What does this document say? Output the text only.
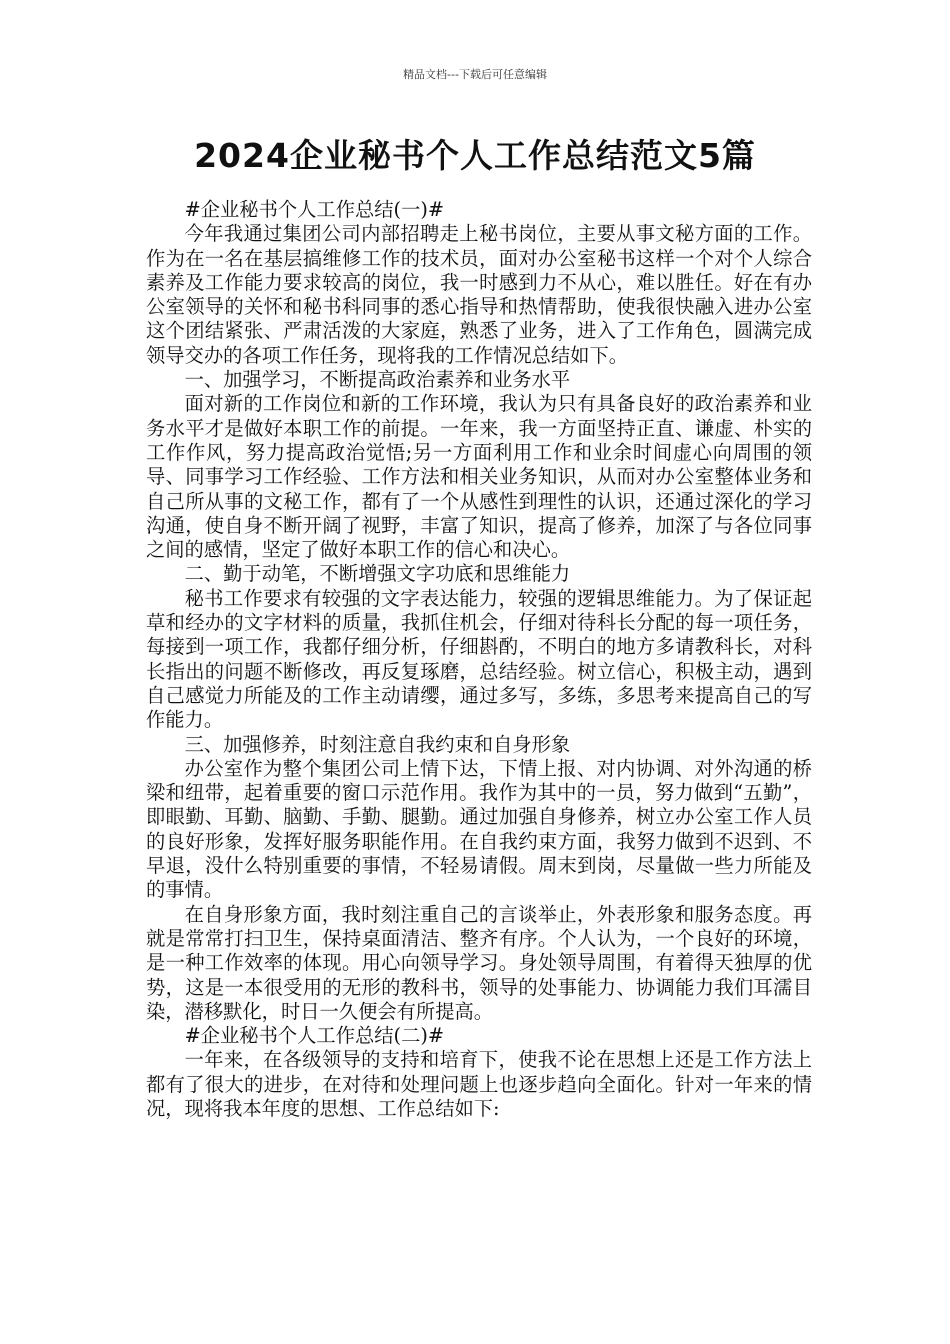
精品文档---下载后可任意编辑
2024企业秘书个人工作总结范文5篇

#企业秘书个人工作总结(一)#

今年我通过集团公司内部招聘走上秘书岗位，主要从事文秘方面的工作。作为在一名在基层搞维修工作的技术员，面对办公室秘书这样一个对个人综合素养及工作能力要求较高的岗位，我一时感到力不从心，难以胜任。好在有办公室领导的关怀和秘书科同事的悉心指导和热情帮助，使我很快融入进办公室这个团结紧张、严肃活泼的大家庭，熟悉了业务，进入了工作角色，圆满完成领导交办的各项工作任务，现将我的工作情况总结如下。

一、加强学习，不断提高政治素养和业务水平

面对新的工作岗位和新的工作环境，我认为只有具备良好的政治素养和业务水平才是做好本职工作的前提。一年来，我一方面坚持正直、谦虚、朴实的工作作风，努力提高政治觉悟;另一方面利用工作和业余时间虚心向周围的领导、同事学习工作经验、工作方法和相关业务知识，从而对办公室整体业务和自己所从事的文秘工作，都有了一个从感性到理性的认识，还通过深化的学习沟通，使自身不断开阔了视野，丰富了知识，提高了修养，加深了与各位同事之间的感情，坚定了做好本职工作的信心和决心。

二、勤于动笔，不断增强文字功底和思维能力

秘书工作要求有较强的文字表达能力，较强的逻辑思维能力。为了保证起草和经办的文字材料的质量，我抓住机会，仔细对待科长分配的每一项任务，每接到一项工作，我都仔细分析，仔细斟酌，不明白的地方多请教科长，对科长指出的问题不断修改，再反复琢磨，总结经验。树立信心，积极主动，遇到自己感觉力所能及的工作主动请缨，通过多写，多练，多思考来提高自己的写作能力。

三、加强修养，时刻注意自我约束和自身形象

办公室作为整个集团公司上情下达，下情上报、对内协调、对外沟通的桥梁和纽带，起着重要的窗口示范作用。我作为其中的一员，努力做到“五勤”，即眼勤、耳勤、脑勤、手勤、腿勤。通过加强自身修养，树立办公室工作人员的良好形象，发挥好服务职能作用。在自我约束方面，我努力做到不迟到、不早退，没什么特别重要的事情，不轻易请假。周末到岗，尽量做一些力所能及的事情。

在自身形象方面，我时刻注重自己的言谈举止，外表形象和服务态度。再就是常常打扫卫生，保持桌面清洁、整齐有序。个人认为，一个良好的环境，是一种工作效率的体现。用心向领导学习。身处领导周围，有着得天独厚的优势，这是一本很受用的无形的教科书，领导的处事能力、协调能力我们耳濡目染，潜移默化，时日一久便会有所提高。

#企业秘书个人工作总结(二)#

一年来，在各级领导的支持和培育下，使我不论在思想上还是工作方法上都有了很大的进步，在对待和处理问题上也逐步趋向全面化。针对一年来的情况，现将我本年度的思想、工作总结如下:
